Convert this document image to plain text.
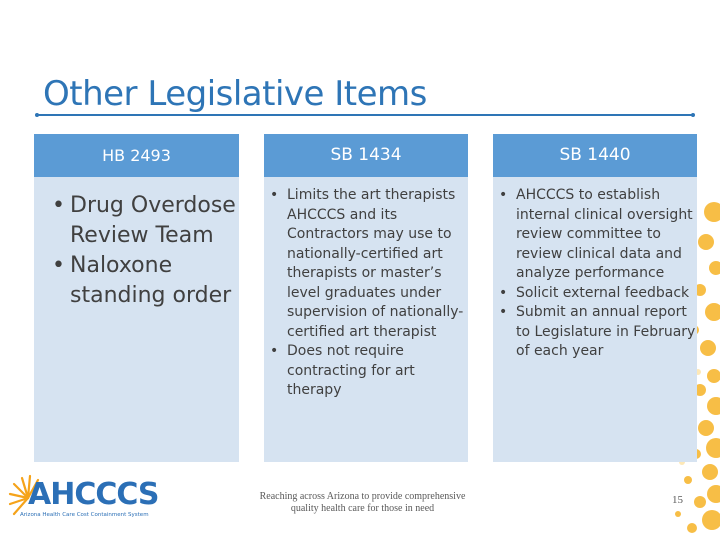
Other Legislative Items
HB 2493
• Drug Overdose Review Team
• Naloxone standing order
SB 1434
• Limits the art therapists AHCCCS and its Contractors may use to nationally-certified art therapists or master’s level graduates under supervision of nationally-certified art therapist
• Does not require contracting for art therapy
SB 1440
• AHCCCS to establish internal clinical oversight review committee to review clinical data and analyze performance
• Solicit external feedback
• Submit an annual report to Legislature in February of each year
AHCCCS
Arizona Health Care Cost Containment System
Reaching across Arizona to provide comprehensive
quality health care for those in need
15
